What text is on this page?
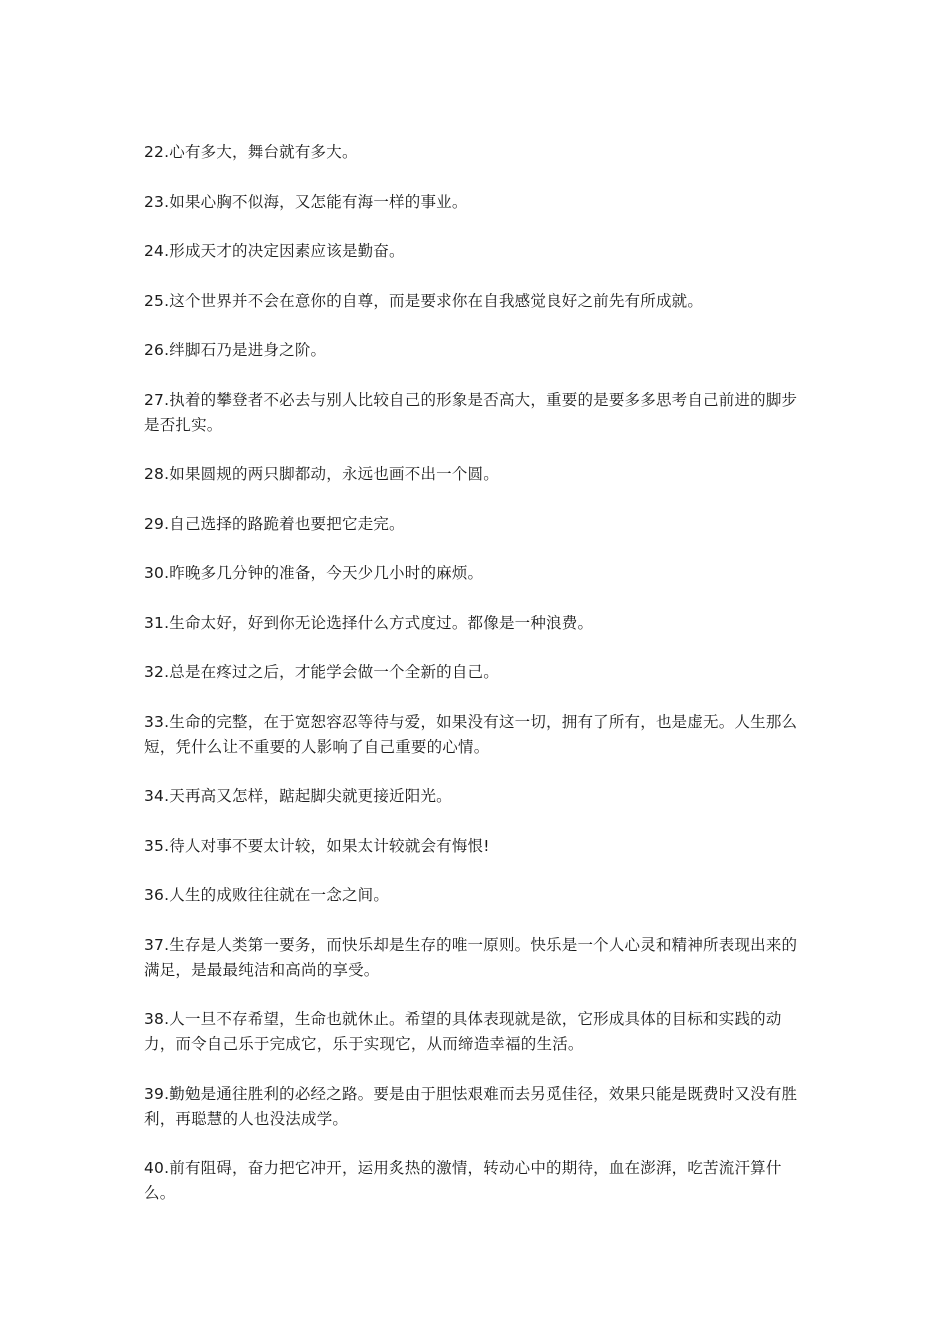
22.心有多大，舞台就有多大。

23.如果心胸不似海，又怎能有海一样的事业。

24.形成天才的决定因素应该是勤奋。

25.这个世界并不会在意你的自尊，而是要求你在自我感觉良好之前先有所成就。

26.绊脚石乃是进身之阶。

27.执着的攀登者不必去与别人比较自己的形象是否高大，重要的是要多多思考自己前进的脚步是否扎实。

28.如果圆规的两只脚都动，永远也画不出一个圆。

29.自己选择的路跪着也要把它走完。

30.昨晚多几分钟的准备，今天少几小时的麻烦。

31.生命太好，好到你无论选择什么方式度过。都像是一种浪费。

32.总是在疼过之后，才能学会做一个全新的自己。

33.生命的完整，在于宽恕容忍等待与爱，如果没有这一切，拥有了所有，也是虚无。人生那么短，凭什么让不重要的人影响了自己重要的心情。

34.天再高又怎样，踮起脚尖就更接近阳光。

35.待人对事不要太计较，如果太计较就会有悔恨!

36.人生的成败往往就在一念之间。

37.生存是人类第一要务，而快乐却是生存的唯一原则。快乐是一个人心灵和精神所表现出来的满足，是最最纯洁和高尚的享受。

38.人一旦不存希望，生命也就休止。希望的具体表现就是欲，它形成具体的目标和实践的动力，而令自己乐于完成它，乐于实现它，从而缔造幸福的生活。

39.勤勉是通往胜利的必经之路。要是由于胆怯艰难而去另觅佳径，效果只能是既费时又没有胜利，再聪慧的人也没法成学。

40.前有阻碍，奋力把它冲开，运用炙热的激情，转动心中的期待，血在澎湃，吃苦流汗算什么。
